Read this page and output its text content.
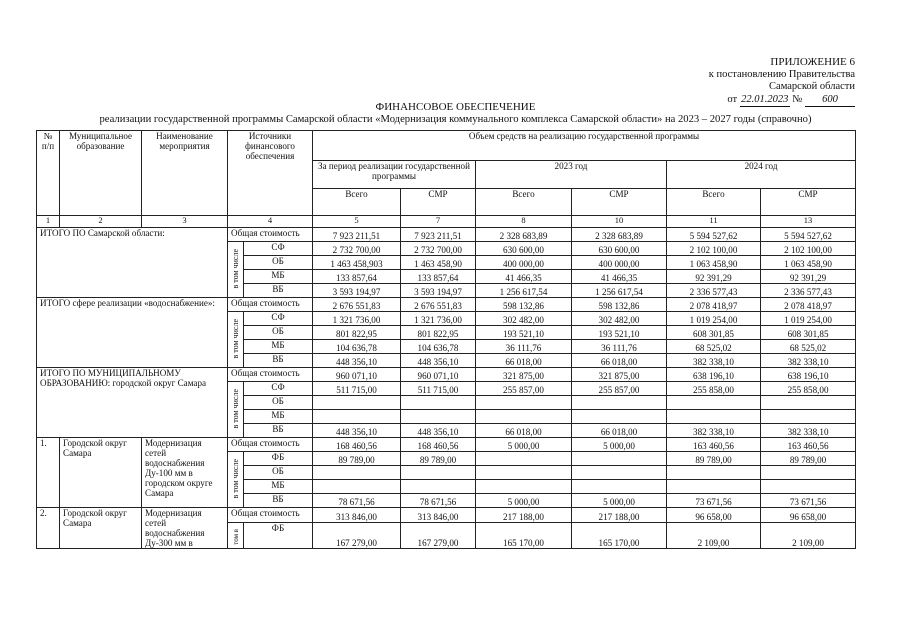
ПРИЛОЖЕНИЕ 6
к постановлению Правительства
Самарской области
от 22.01.2023 № 600
ФИНАНСОВОЕ ОБЕСПЕЧЕНИЕ
реализации государственной программы Самарской области «Модернизация коммунального комплекса Самарской области» на 2023 – 2027 годы (справочно)
№ п/п	Муниципальное образование	Наименование мероприятия	Источники финансового обеспечения		Объем средств на реализацию государственной программы					
					За период реализации государственной программы		2023 год		2024 год	
					Всего	СМР	Всего	СМР	Всего	СМР
1	2	3	4		5	7	8	10	11	13
ИТОГО ПО Самарской области:			Общая стоимость		7 923 211,51	7 923 211,51	2 328 683,89	2 328 683,89	5 594 527,62	5 594 527,62
			в том числе	СФ	2 732 700,00	2 732 700,00	630 600,00	630 600,00	2 102 100,00	2 102 100,00
				ОБ	1 463 458,903	1 463 458,90	400 000,00	400 000,00	1 063 458,90	1 063 458,90
				МБ	133 857,64	133 857,64	41 466,35	41 466,35	92 391,29	92 391,29
				ВБ	3 593 194,97	3 593 194,97	1 256 617,54	1 256 617,54	2 336 577,43	2 336 577,43
ИТОГО сфере реализации «водоснабжение»:			Общая стоимость		2 676 551,83	2 676 551,83	598 132,86	598 132,86	2 078 418,97	2 078 418,97
			в том числе	СФ	1 321 736,00	1 321 736,00	302 482,00	302 482,00	1 019 254,00	1 019 254,00
				ОБ	801 822,95	801 822,95	193 521,10	193 521,10	608 301,85	608 301,85
				МБ	104 636,78	104 636,78	36 111,76	36 111,76	68 525,02	68 525,02
				ВБ	448 356,10	448 356,10	66 018,00	66 018,00	382 338,10	382 338,10
ИТОГО ПО МУНИЦИПАЛЬНОМУ ОБРАЗОВАНИЮ: городской округ Самара			Общая стоимость		960 071,10	960 071,10	321 875,00	321 875,00	638 196,10	638 196,10
			в том числе	СФ	511 715,00	511 715,00	255 857,00	255 857,00	255 858,00	255 858,00
				ОБ						
				МБ						
				ВБ	448 356,10	448 356,10	66 018,00	66 018,00	382 338,10	382 338,10
1.	Городской округ Самара	Модернизация сетей водоснабжения Ду-100 мм в городском округе Самара	Общая стоимость		168 460,56	168 460,56	5 000,00	5 000,00	163 460,56	163 460,56
			в том числе	ФБ	89 789,00	89 789,00			89 789,00	89 789,00
				ОБ						
				МБ						
				ВБ	78 671,56	78 671,56	5 000,00	5 000,00	73 671,56	73 671,56
2.	Городской округ Самара	Модернизация сетей водоснабжения Ду-300 мм в	Общая стоимость		313 846,00	313 846,00	217 188,00	217 188,00	96 658,00	96 658,00
			втом	ФБ	167 279,00	167 279,00	165 170,00	165 170,00	2 109,00	2 109,00
